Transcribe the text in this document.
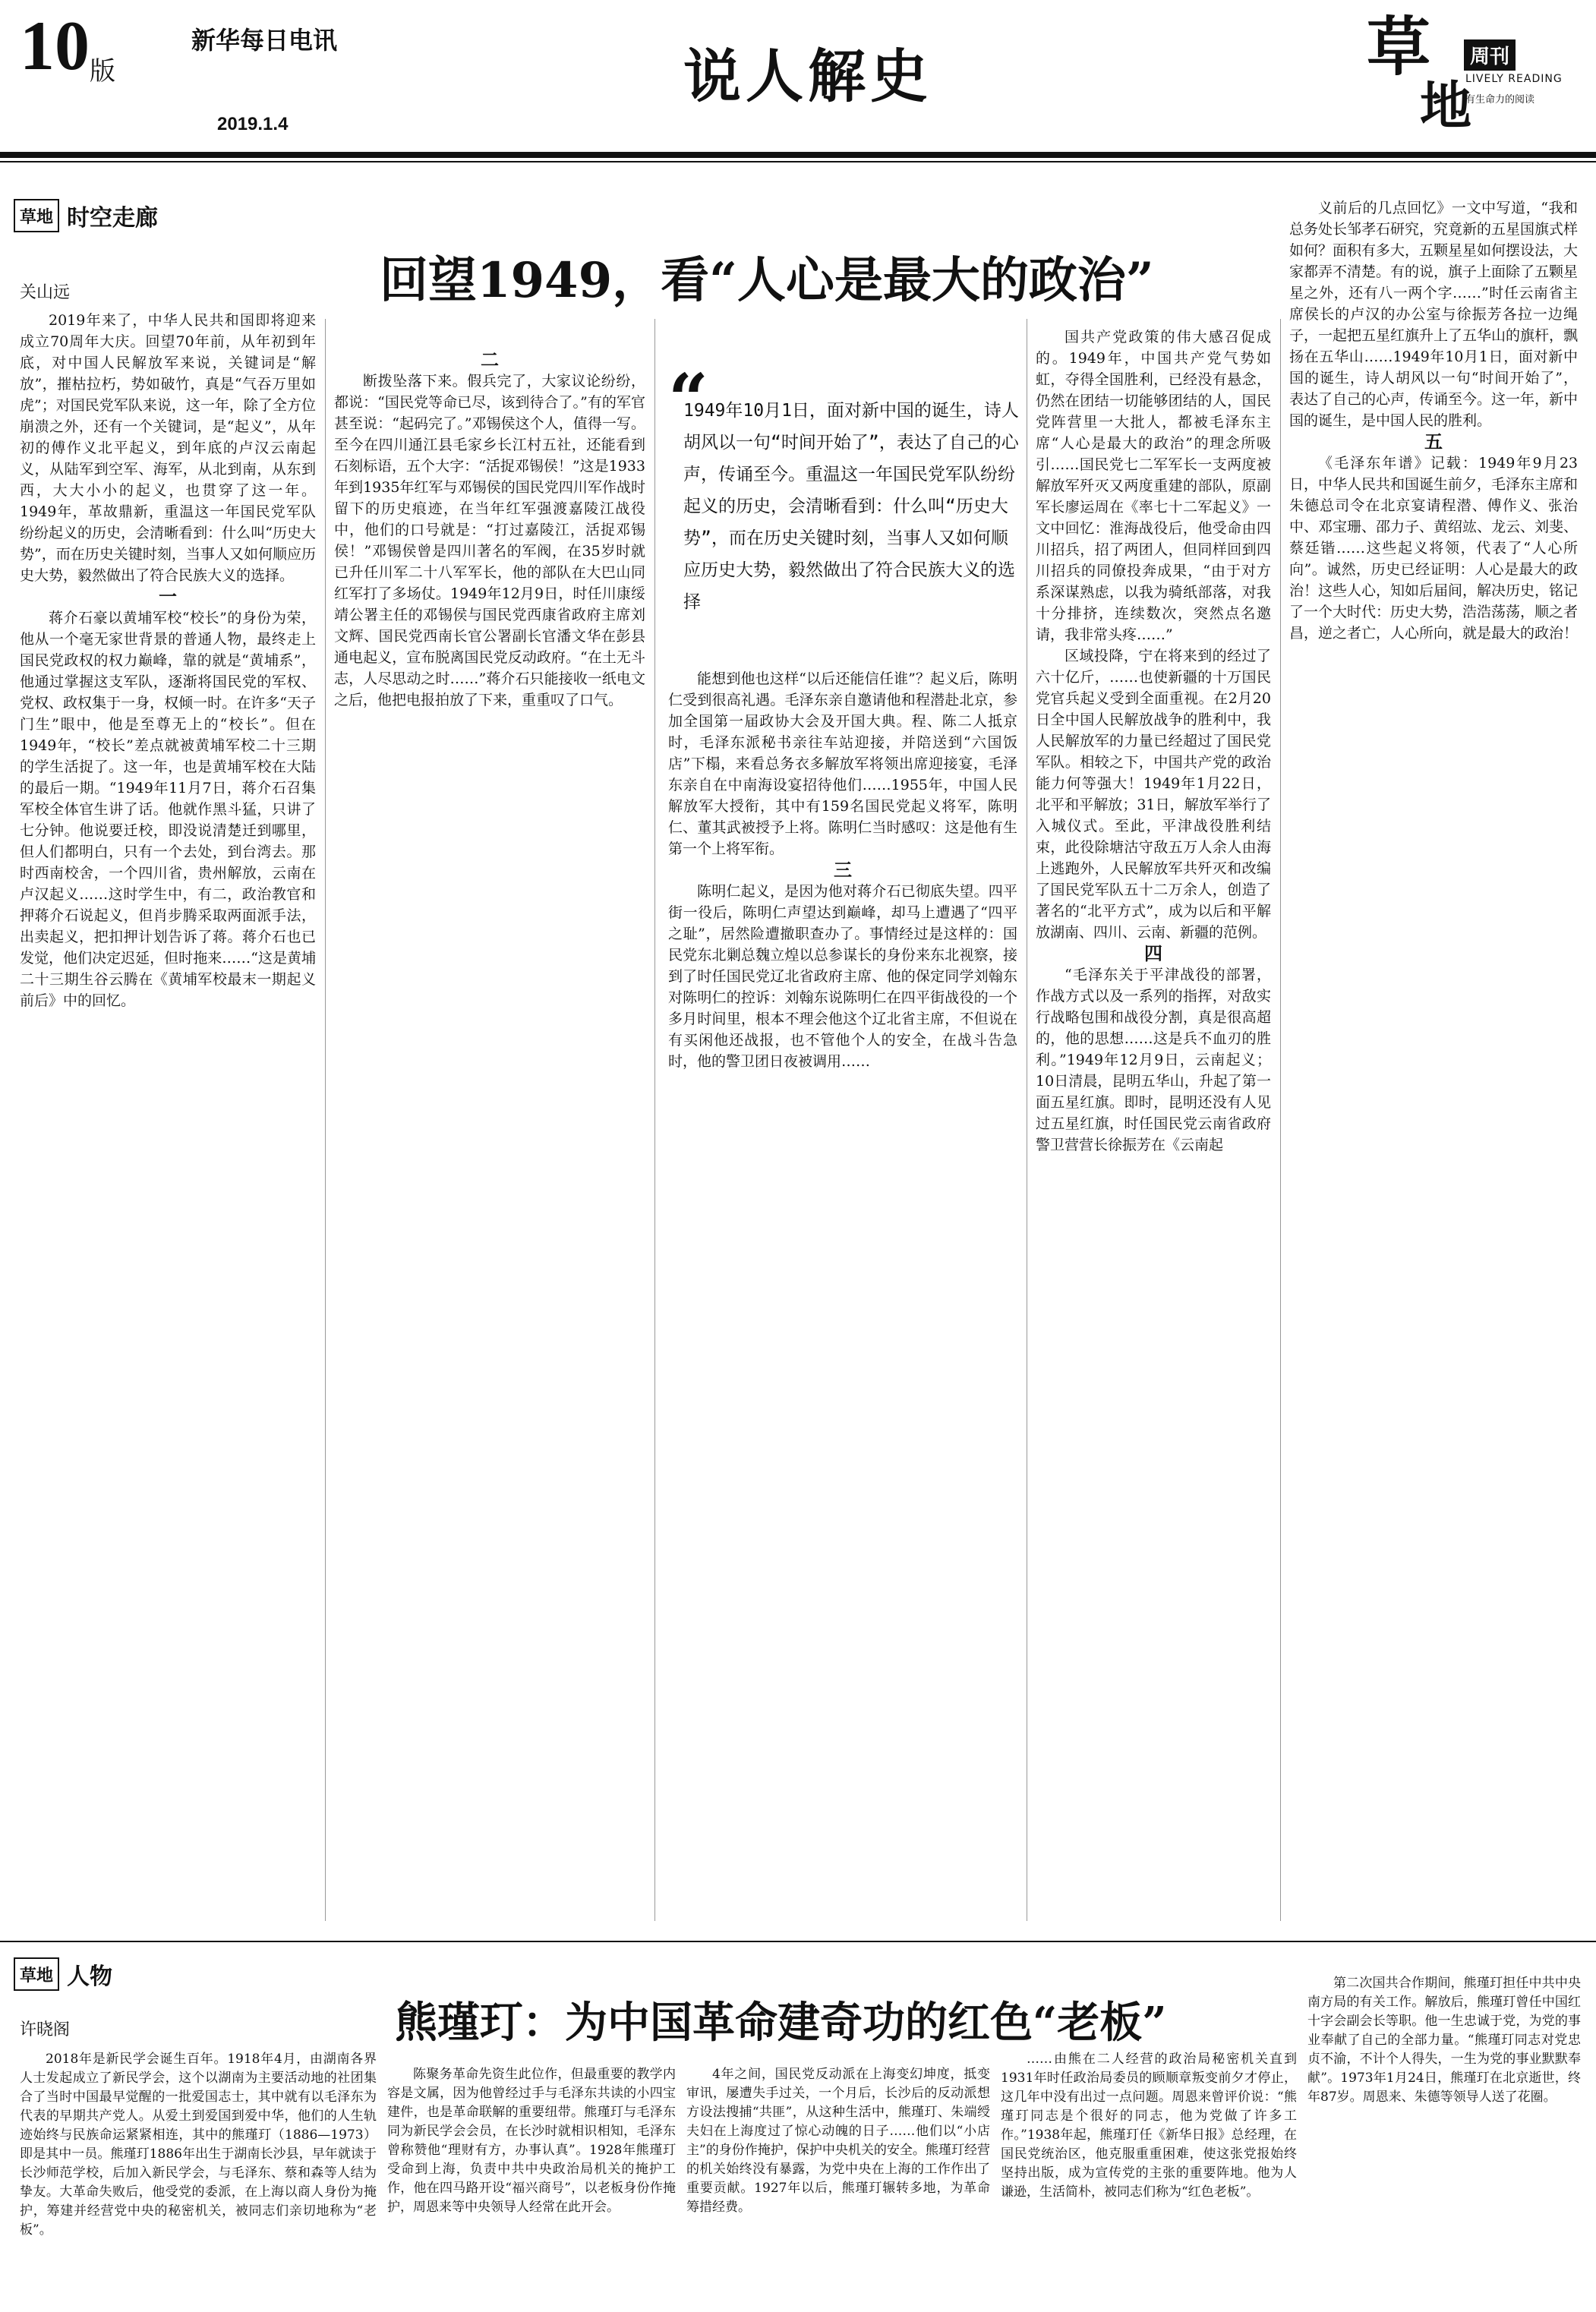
10 版
新华每日电讯
2019.1.4
说人解史	草
地
周刊
LIVELY READING
有生命力的阅读
草地 时空走廊
回望1949，看“人心是最大的政治”
关山远

2019年来了，中华人民共和国即将迎来成立70周年大庆。回望70年前，从年初到年底，对中国人民解放军来说，关键词是“解放”，摧枯拉朽，势如破竹，真是“气吞万里如虎”；对国民党军队来说，这一年，除了全方位崩溃之外，还有一个关键词，是“起义”，从年初的傅作义北平起义，到年底的卢汉云南起义，从陆军到空军、海军，从北到南，从东到西，大大小小的起义，也贯穿了这一年。1949年，革故鼎新，重温这一年国民党军队纷纷起义的历史，会清晰看到：什么叫“历史大势”，而在历史关键时刻，当事人又如何顺应历史大势，毅然做出了符合民族大义的选择。

一

蒋介石豪以黄埔军校“校长”的身份为荣，他从一个毫无家世背景的普通人物，最终走上国民党政权的权力巅峰，靠的就是“黄埔系”，他通过掌握这支军队，逐渐将国民党的军权、党权、政权集于一身，权倾一时。在许多“天子门生”眼中，他是至尊无上的“校长”。但在1949年，“校长”差点就被黄埔军校二十三期的学生活捉了。这一年，也是黄埔军校在大陆的最后一期。“1949年11月7日，蒋介石召集军校全体官生讲了话。他就作黑斗猛，只讲了七分钟。他说要迁校，即没说清楚迁到哪里，但人们都明白，只有一个去处，到台湾去。那时西南校舍，一个四川省，贵州解放，云南在卢汉起义……这时学生中，有二，政治教官和押蒋介石说起义，但肖步腾采取两面派手法，出卖起义，把扣押计划告诉了蒋。蒋介石也已发觉，他们决定迟延，但时拖来……“这是黄埔二十三期生谷云腾在《黄埔军校最末一期起义前后》中的回忆。

二

断拨坠落下来。假兵完了，大家议论纷纷，都说：“国民党等命已尽，该到待合了。”有的军官甚至说：“起码完了。”邓锡侯这个人，值得一写。至今在四川通江县毛家乡长江村五社，还能看到石刻标语，五个大字：“活捉邓锡侯！”这是1933年到1935年红军与邓锡侯的国民党四川军作战时留下的历史痕迹，在当年红军强渡嘉陵江战役中，他们的口号就是：“打过嘉陵江，活捉邓锡侯！”邓锡侯曾是四川著名的军阀，在35岁时就已升任川军二十八军军长，他的部队在大巴山同红军打了多场仗。1949年12月9日，时任川康绥靖公署主任的邓锡侯与国民党西康省政府主席刘文辉、国民党西南长官公署副长官潘文华在彭县通电起义，宣布脱离国民党反动政府。“在土无斗志，人尽思动之时……”蒋介石只能接收一纸电文之后，他把电报拍放了下来，重重叹了口气。

“
1949年10月1日，面对新中国的诞生，诗人胡风以一句“时间开始了”，表达了自己的心声，传诵至今。重温这一年国民党军队纷纷起义的历史，会清晰看到：什么叫“历史大势”，而在历史关键时刻，当事人又如何顺应历史大势，毅然做出了符合民族大义的选择

能想到他也这样“以后还能信任谁”？起义后，陈明仁受到很高礼遇。毛泽东亲自邀请他和程潜赴北京，参加全国第一届政协大会及开国大典。程、陈二人抵京时，毛泽东派秘书亲往车站迎接，并陪送到“六国饭店”下榻，来看总务衣多解放军将领出席迎接宴，毛泽东亲自在中南海设宴招待他们……1955年，中国人民解放军大授衔，其中有159名国民党起义将军，陈明仁、董其武被授予上将。陈明仁当时感叹：这是他有生第一个上将军衔。

三

陈明仁起义，是因为他对蒋介石已彻底失望。四平街一役后，陈明仁声望达到巅峰，却马上遭遇了“四平之耻”，居然险遭撤职查办了。事情经过是这样的：国民党东北剿总魏立煌以总参谋长的身份来东北视察，接到了时任国民党辽北省政府主席、他的保定同学刘翰东对陈明仁的控诉：刘翰东说陈明仁在四平街战役的一个多月时间里，根本不理会他这个辽北省主席，不但说在有买闲他还战报，也不管他个人的安全，在战斗告急时，他的警卫团日夜被调用……

国共产党政策的伟大感召促成的。1949年，中国共产党气势如虹，夺得全国胜利，已经没有悬念，仍然在团结一切能够团结的人，国民党阵营里一大批人，都被毛泽东主席“人心是最大的政治”的理念所吸引……国民党七二军军长一支两度被解放军歼灭又两度重建的部队，原副军长廖运周在《率七十二军起义》一文中回忆：淮海战役后，他受命由四川招兵，招了两团人，但同样回到四川招兵的同僚投奔成果，“由于对方系深谋熟虑，以我为骑纸部落，对我十分排挤，连续数次，突然点名邀请，我非常头疼……”

区域投降，宁在将来到的经过了六十亿斤，……也使新疆的十万国民党官兵起义受到全面重视。在2月20日全中国人民解放战争的胜利中，我人民解放军的力量已经超过了国民党军队。相较之下，中国共产党的政治能力何等强大！1949年1月22日，北平和平解放；31日，解放军举行了入城仪式。至此，平津战役胜利结束，此役除塘沽守敌五万人余人由海上逃跑外，人民解放军共歼灭和改编了国民党军队五十二万余人，创造了著名的“北平方式”，成为以后和平解放湖南、四川、云南、新疆的范例。

四

“毛泽东关于平津战役的部署，作战方式以及一系列的指挥，对敌实行战略包围和战役分割，真是很高超的，他的思想……这是兵不血刃的胜利。”1949年12月9日，云南起义；10日清晨，昆明五华山，升起了第一面五星红旗。即时，昆明还没有人见过五星红旗，时任国民党云南省政府警卫营营长徐振芳在《云南起

义前后的几点回忆》一文中写道，“我和总务处长邹孝石研究，究竟新的五星国旗式样如何？面积有多大，五颗星星如何摆设法，大家都弄不清楚。有的说，旗子上面除了五颗星星之外，还有八一两个字……”时任云南省主席侯长的卢汉的办公室与徐振芳各拉一边绳子，一起把五星红旗升上了五华山的旗杆，飘扬在五华山……1949年10月1日，面对新中国的诞生，诗人胡风以一句“时间开始了”，表达了自己的心声，传诵至今。这一年，新中国的诞生，是中国人民的胜利。

五

《毛泽东年谱》记载：1949年9月23日，中华人民共和国诞生前夕，毛泽东主席和朱德总司令在北京宴请程潜、傅作义、张治中、邓宝珊、邵力子、黄绍竑、龙云、刘斐、蔡廷锴……这些起义将领，代表了“人心所向”。诚然，历史已经证明：人心是最大的政治！这些人心，知如后届间，解决历史，铭记了一个大时代：历史大势，浩浩荡荡，顺之者昌，逆之者亡，人心所向，就是最大的政治！

草地 人物
熊瑾玎：为中国革命建奇功的红色“老板”
许晓阁

2018年是新民学会诞生百年。1918年4月，由湖南各界人士发起成立了新民学会，这个以湖南为主要活动地的社团集合了当时中国最早觉醒的一批爱国志士，其中就有以毛泽东为代表的早期共产党人。从爱土到爱国到爱中华，他们的人生轨迹始终与民族命运紧紧相连，其中的熊瑾玎（1886—1973）即是其中一员。熊瑾玎1886年出生于湖南长沙县，早年就读于长沙师范学校，后加入新民学会，与毛泽东、蔡和森等人结为挚友。大革命失败后，他受党的委派，在上海以商人身份为掩护，筹建并经营党中央的秘密机关，被同志们亲切地称为“老板”。

陈聚务革命先资生此位作，但最重要的教学内容是文属，因为他曾经过手与毛泽东共读的小四宝建件，也是革命联解的重要纽带。熊瑾玎与毛泽东同为新民学会会员，在长沙时就相识相知，毛泽东曾称赞他“理财有方，办事认真”。1928年熊瑾玎受命到上海，负责中共中央政治局机关的掩护工作，他在四马路开设“福兴商号”，以老板身份作掩护，周恩来等中央领导人经常在此开会。

4年之间，国民党反动派在上海变幻坤度，抵变审讯，屡遭失手过关，一个月后，长沙后的反动派想方设法搜捕“共匪”，从这种生活中，熊瑾玎、朱端绶夫妇在上海度过了惊心动魄的日子……他们以“小店主”的身份作掩护，保护中央机关的安全。熊瑾玎经营的机关始终没有暴露，为党中央在上海的工作作出了重要贡献。1927年以后，熊瑾玎辗转多地，为革命筹措经费。

……由熊在二人经营的政治局秘密机关直到1931年时任政治局委员的顾顺章叛变前夕才停止，这几年中没有出过一点问题。周恩来曾评价说：“熊瑾玎同志是个很好的同志，他为党做了许多工作。”1938年起，熊瑾玎任《新华日报》总经理，在国民党统治区，他克服重重困难，使这张党报始终坚持出版，成为宣传党的主张的重要阵地。他为人谦逊，生活简朴，被同志们称为“红色老板”。

第二次国共合作期间，熊瑾玎担任中共中央南方局的有关工作。解放后，熊瑾玎曾任中国红十字会副会长等职。他一生忠诚于党，为党的事业奉献了自己的全部力量。“熊瑾玎同志对党忠贞不渝，不计个人得失，一生为党的事业默默奉献”。1973年1月24日，熊瑾玎在北京逝世，终年87岁。周恩来、朱德等领导人送了花圈。
